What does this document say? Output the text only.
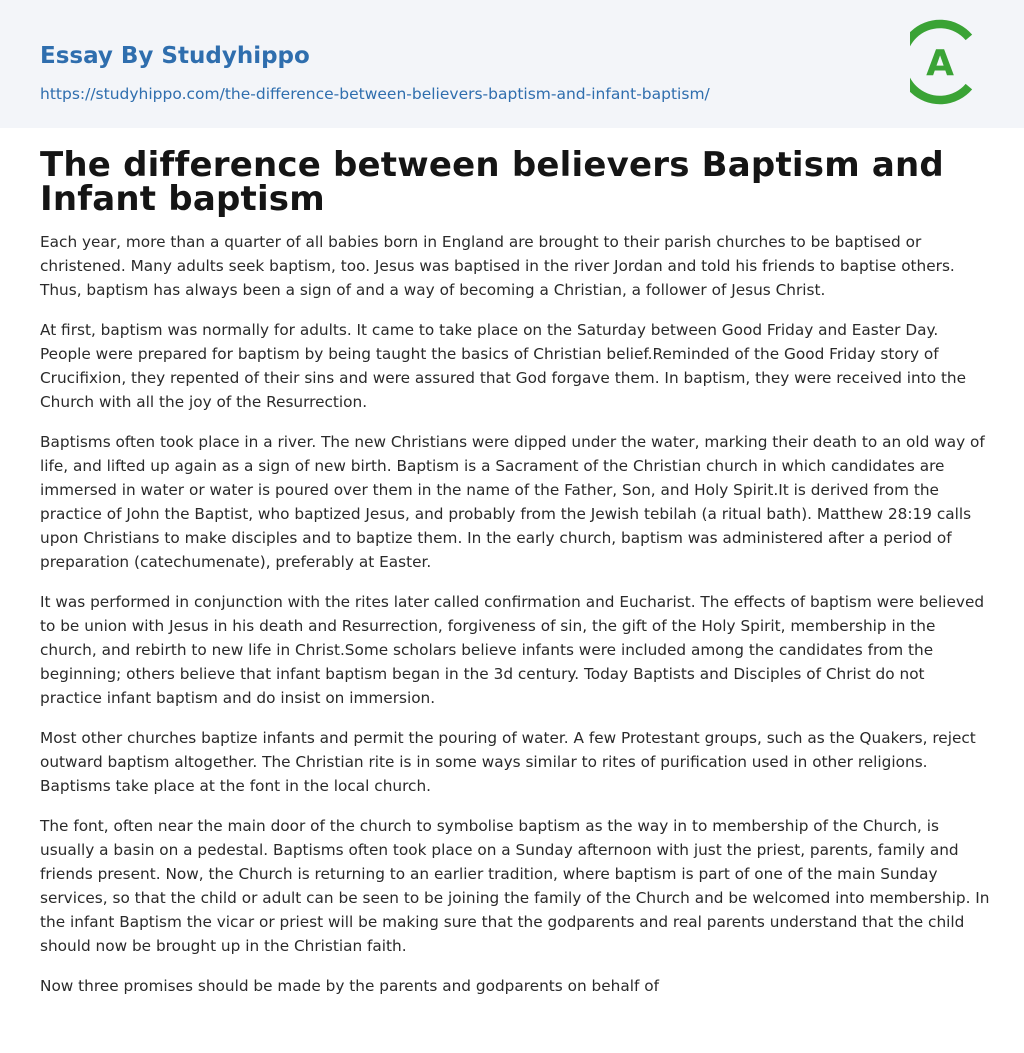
Essay By Studyhippo
https://studyhippo.com/the-difference-between-believers-baptism-and-infant-baptism/
A
The difference between believers Baptism and Infant baptism

Each year, more than a quarter of all babies born in England are brought to their parish churches to be baptised or christened. Many adults seek baptism, too. Jesus was baptised in the river Jordan and told his friends to baptise others. Thus, baptism has always been a sign of and a way of becoming a Christian, a follower of Jesus Christ.

At first, baptism was normally for adults. It came to take place on the Saturday between Good Friday and Easter Day. People were prepared for baptism by being taught the basics of Christian belief.Reminded of the Good Friday story of Crucifixion, they repented of their sins and were assured that God forgave them. In baptism, they were received into the Church with all the joy of the Resurrection.

Baptisms often took place in a river. The new Christians were dipped under the water, marking their death to an old way of life, and lifted up again as a sign of new birth. Baptism is a Sacrament of the Christian church in which candidates are immersed in water or water is poured over them in the name of the Father, Son, and Holy Spirit.It is derived from the practice of John the Baptist, who baptized Jesus, and probably from the Jewish tebilah (a ritual bath). Matthew 28:19 calls upon Christians to make disciples and to baptize them. In the early church, baptism was administered after a period of preparation (catechumenate), preferably at Easter.

It was performed in conjunction with the rites later called confirmation and Eucharist. The effects of baptism were believed to be union with Jesus in his death and Resurrection, forgiveness of sin, the gift of the Holy Spirit, membership in the church, and rebirth to new life in Christ.Some scholars believe infants were included among the candidates from the beginning; others believe that infant baptism began in the 3d century. Today Baptists and Disciples of Christ do not practice infant baptism and do insist on immersion.

Most other churches baptize infants and permit the pouring of water. A few Protestant groups, such as the Quakers, reject outward baptism altogether. The Christian rite is in some ways similar to rites of purification used in other religions. Baptisms take place at the font in the local church.

The font, often near the main door of the church to symbolise baptism as the way in to membership of the Church, is usually a basin on a pedestal. Baptisms often took place on a Sunday afternoon with just the priest, parents, family and friends present. Now, the Church is returning to an earlier tradition, where baptism is part of one of the main Sunday services, so that the child or adult can be seen to be joining the family of the Church and be welcomed into membership. In the infant Baptism the vicar or priest will be making sure that the godparents and real parents understand that the child should now be brought up in the Christian faith.

Now three promises should be made by the parents and godparents on behalf of
